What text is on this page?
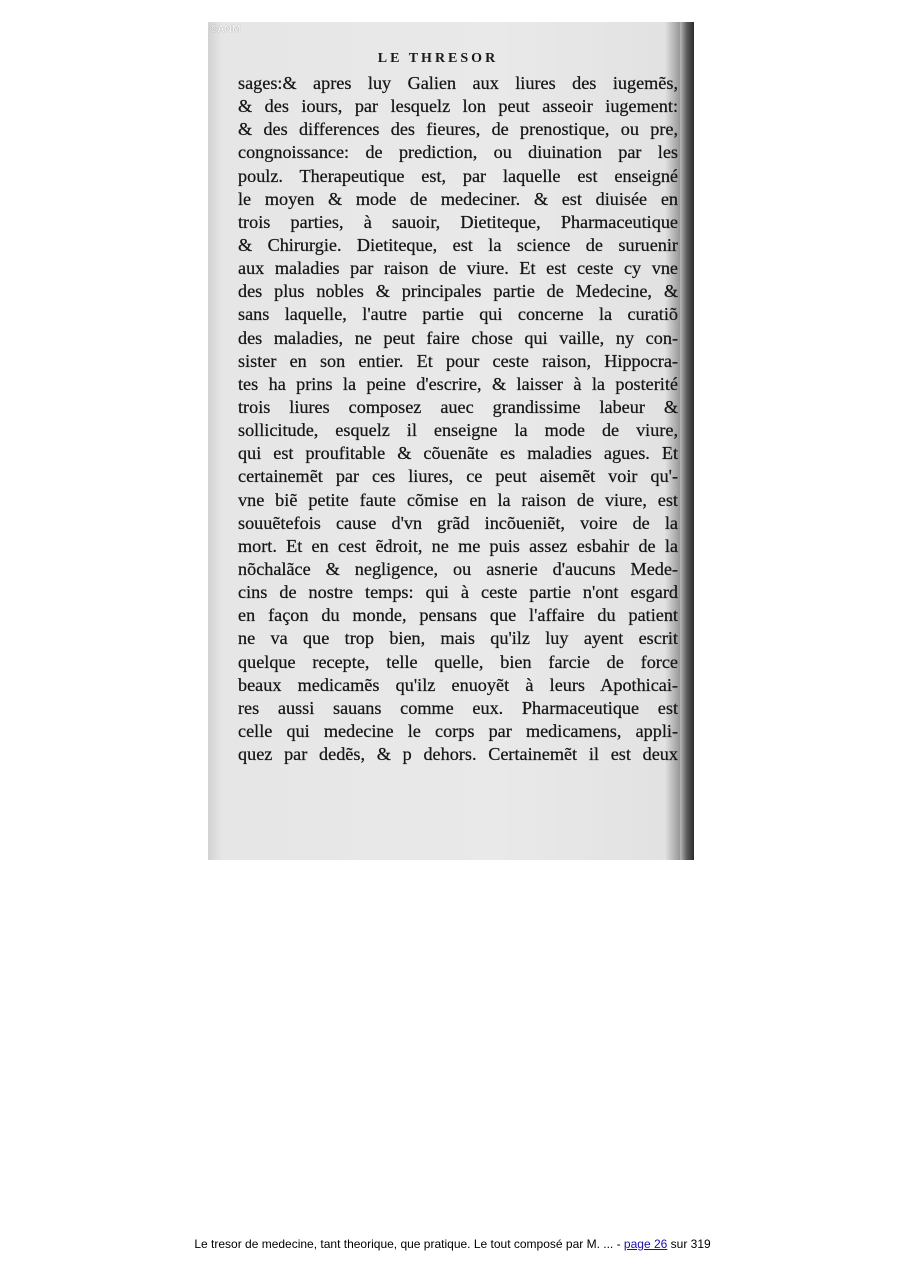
©ANM
LE THRESOR
sages:& apres luy Galien aux liures des iugemẽs,
& des iours, par lesquelz lon peut asseoir iugement:
& des differences des fieures, de prenostique, ou pre,
congnoissance: de prediction, ou diuination par les
poulz. Therapeutique est, par laquelle est enseigné
le moyen & mode de medeciner. & est diuisée en
trois parties, à sauoir, Dietiteque, Pharmaceutique
& Chirurgie. Dietiteque, est la science de suruenir
aux maladies par raison de viure. Et est ceste cy vne
des plus nobles & principales partie de Medecine, &
sans laquelle, l'autre partie qui concerne la curatiõ
des maladies, ne peut faire chose qui vaille, ny con-
sister en son entier. Et pour ceste raison, Hippocra-
tes ha prins la peine d'escrire, & laisser à la posterité
trois liures composez auec grandissime labeur &
sollicitude, esquelz il enseigne la mode de viure,
qui est proufitable & cõuenãte es maladies agues. Et
certainemẽt par ces liures, ce peut aisemẽt voir qu'-
vne biẽ petite faute cõmise en la raison de viure, est
souuẽtefois cause d'vn grãd incõueniẽt, voire de la
mort. Et en cest ẽdroit, ne me puis assez esbahir de la
nõchalãce & negligence, ou asnerie d'aucuns Mede-
cins de nostre temps: qui à ceste partie n'ont esgard
en façon du monde, pensans que l'affaire du patient
ne va que trop bien, mais qu'ilz luy ayent escrit
quelque recepte, telle quelle, bien farcie de force
beaux medicamẽs qu'ilz enuoyẽt à leurs Apothicai-
res aussi sauans comme eux. Pharmaceutique est
celle qui medecine le corps par medicamens, appli-
quez par dedẽs, & p dehors. Certainemẽt il est deux
Le tresor de medecine, tant theorique, que pratique. Le tout composé par M. ... - page 26 sur 319
